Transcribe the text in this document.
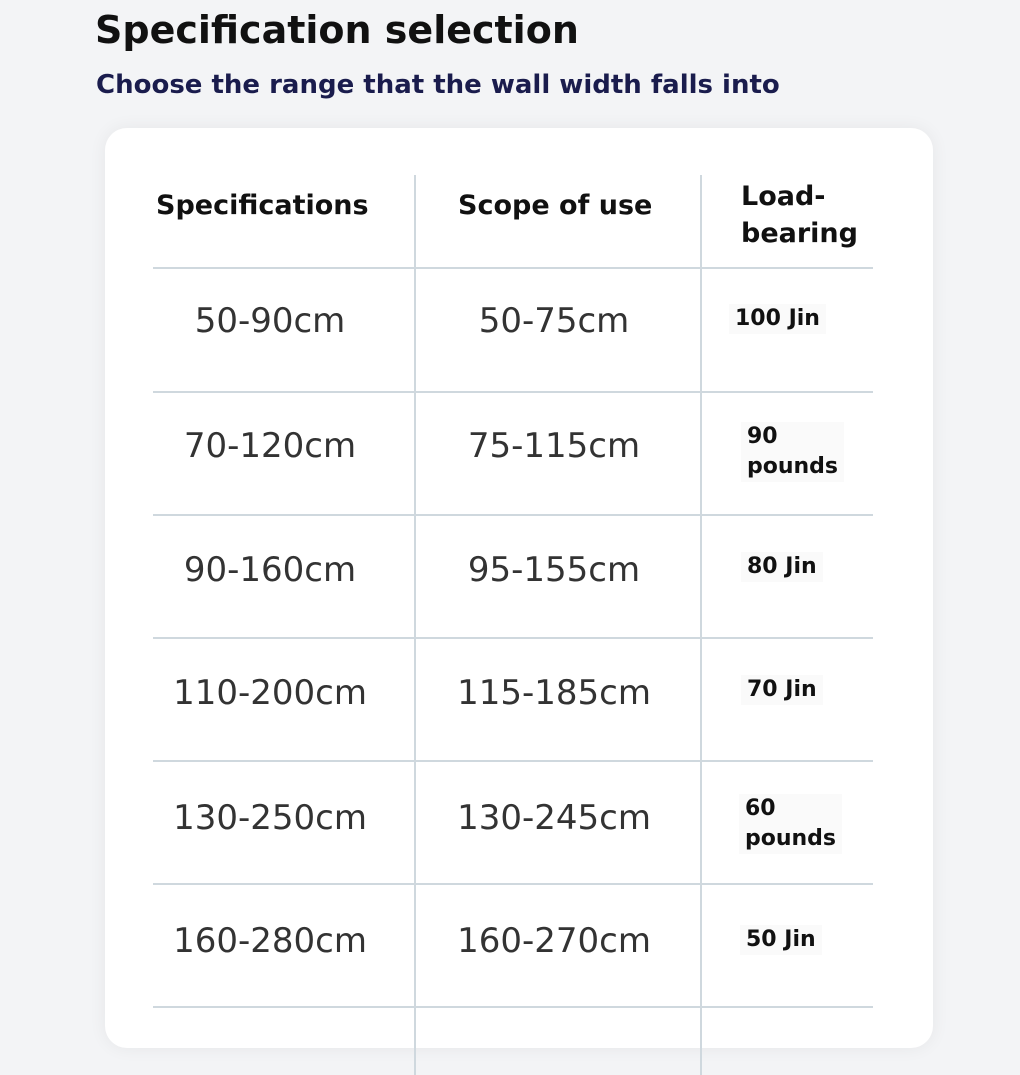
Specification selection
Choose the range that the wall width falls into
Specifications	Scope of use	Load-
bearing
50-90cm	50-75cm	100 Jin
70-120cm	75-115cm	90
pounds
90-160cm	95-155cm	80 Jin
110-200cm	115-185cm	70 Jin
130-250cm	130-245cm	60
pounds
160-280cm	160-270cm	50 Jin
